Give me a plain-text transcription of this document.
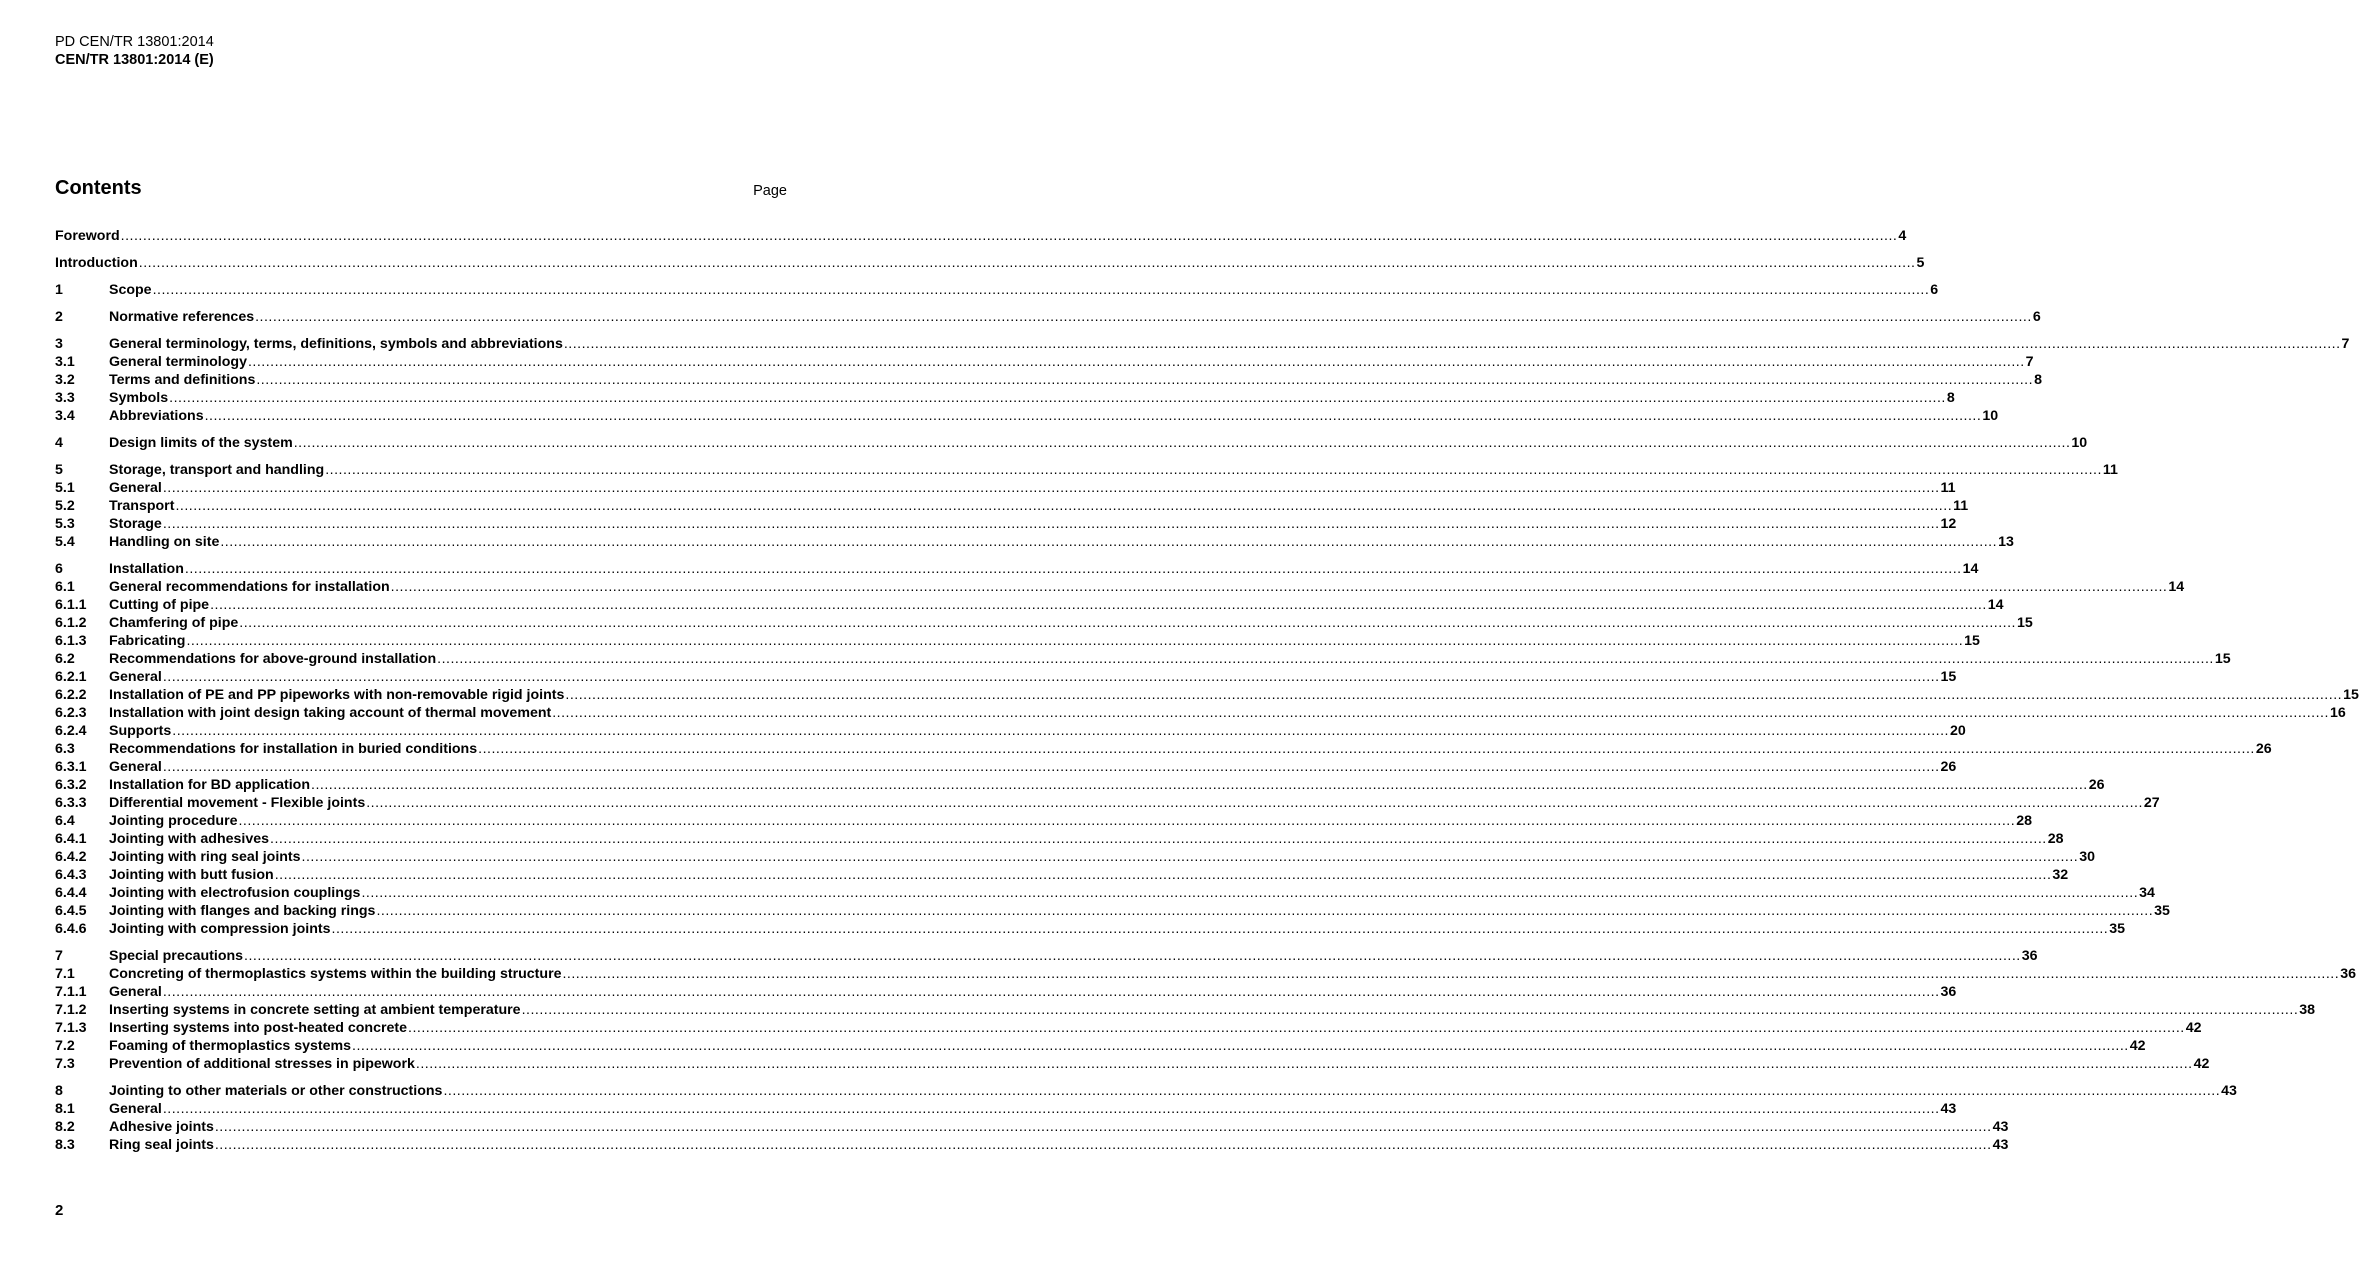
PD CEN/TR 13801:2014
CEN/TR 13801:2014 (E)
Contents	Page
Foreword ................................................................................................................................................................................................................................................................................................................................................................................................................ 4
Introduction ................................................................................................................................................................................................................................................................................................................................................................................................................ 5
1	Scope ................................................................................................................................................................................................................................................................................................................................................................................................................ 6
2	Normative references ................................................................................................................................................................................................................................................................................................................................................................................................................ 6
3	General terminology, terms, definitions, symbols and abbreviations ................................................................................................................................................................................................................................................................................................................................................................................................................ 7
3.1	General terminology ................................................................................................................................................................................................................................................................................................................................................................................................................ 7
3.2	Terms and definitions ................................................................................................................................................................................................................................................................................................................................................................................................................ 8
3.3	Symbols ................................................................................................................................................................................................................................................................................................................................................................................................................ 8
3.4	Abbreviations ................................................................................................................................................................................................................................................................................................................................................................................................................ 10
4	Design limits of the system ................................................................................................................................................................................................................................................................................................................................................................................................................ 10
5	Storage, transport and handling ................................................................................................................................................................................................................................................................................................................................................................................................................ 11
5.1	General ................................................................................................................................................................................................................................................................................................................................................................................................................ 11
5.2	Transport ................................................................................................................................................................................................................................................................................................................................................................................................................ 11
5.3	Storage ................................................................................................................................................................................................................................................................................................................................................................................................................ 12
5.4	Handling on site ................................................................................................................................................................................................................................................................................................................................................................................................................ 13
6	Installation ................................................................................................................................................................................................................................................................................................................................................................................................................ 14
6.1	General recommendations for installation ................................................................................................................................................................................................................................................................................................................................................................................................................ 14
6.1.1	Cutting of pipe ................................................................................................................................................................................................................................................................................................................................................................................................................ 14
6.1.2	Chamfering of pipe ................................................................................................................................................................................................................................................................................................................................................................................................................ 15
6.1.3	Fabricating ................................................................................................................................................................................................................................................................................................................................................................................................................ 15
6.2	Recommendations for above-ground installation ................................................................................................................................................................................................................................................................................................................................................................................................................ 15
6.2.1	General ................................................................................................................................................................................................................................................................................................................................................................................................................ 15
6.2.2	Installation of PE and PP pipeworks with non-removable rigid joints ................................................................................................................................................................................................................................................................................................................................................................................................................ 15
6.2.3	Installation with joint design taking account of thermal movement ................................................................................................................................................................................................................................................................................................................................................................................................................ 16
6.2.4	Supports ................................................................................................................................................................................................................................................................................................................................................................................................................ 20
6.3	Recommendations for installation in buried conditions ................................................................................................................................................................................................................................................................................................................................................................................................................ 26
6.3.1	General ................................................................................................................................................................................................................................................................................................................................................................................................................ 26
6.3.2	Installation for BD application ................................................................................................................................................................................................................................................................................................................................................................................................................ 26
6.3.3	Differential movement - Flexible joints ................................................................................................................................................................................................................................................................................................................................................................................................................ 27
6.4	Jointing procedure ................................................................................................................................................................................................................................................................................................................................................................................................................ 28
6.4.1	Jointing with adhesives ................................................................................................................................................................................................................................................................................................................................................................................................................ 28
6.4.2	Jointing with ring seal joints ................................................................................................................................................................................................................................................................................................................................................................................................................ 30
6.4.3	Jointing with butt fusion ................................................................................................................................................................................................................................................................................................................................................................................................................ 32
6.4.4	Jointing with electrofusion couplings ................................................................................................................................................................................................................................................................................................................................................................................................................ 34
6.4.5	Jointing with flanges and backing rings ................................................................................................................................................................................................................................................................................................................................................................................................................ 35
6.4.6	Jointing with compression joints ................................................................................................................................................................................................................................................................................................................................................................................................................ 35
7	Special precautions ................................................................................................................................................................................................................................................................................................................................................................................................................ 36
7.1	Concreting of thermoplastics systems within the building structure ................................................................................................................................................................................................................................................................................................................................................................................................................ 36
7.1.1	General ................................................................................................................................................................................................................................................................................................................................................................................................................ 36
7.1.2	Inserting systems in concrete setting at ambient temperature ................................................................................................................................................................................................................................................................................................................................................................................................................ 38
7.1.3	Inserting systems into post-heated concrete ................................................................................................................................................................................................................................................................................................................................................................................................................ 42
7.2	Foaming of thermoplastics systems ................................................................................................................................................................................................................................................................................................................................................................................................................ 42
7.3	Prevention of additional stresses in pipework ................................................................................................................................................................................................................................................................................................................................................................................................................ 42
8	Jointing to other materials or other constructions ................................................................................................................................................................................................................................................................................................................................................................................................................ 43
8.1	General ................................................................................................................................................................................................................................................................................................................................................................................................................ 43
8.2	Adhesive joints ................................................................................................................................................................................................................................................................................................................................................................................................................ 43
8.3	Ring seal joints ................................................................................................................................................................................................................................................................................................................................................................................................................ 43
2
